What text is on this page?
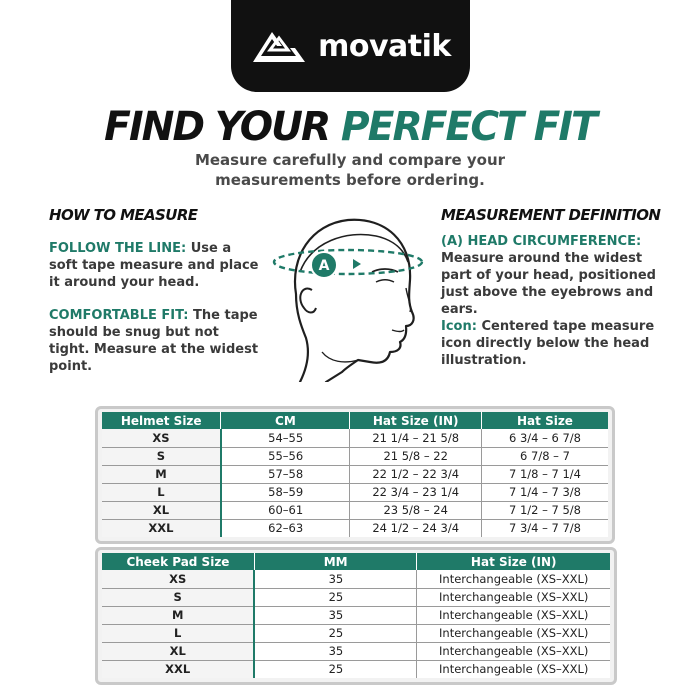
movatik
FIND YOUR PERFECT FIT
Measure carefully and compare your
measurements before ordering.
HOW TO MEASURE

FOLLOW THE LINE: Use a soft tape measure and place it around your head.

COMFORTABLE FIT: The tape should be snug but not tight. Measure at the widest point.

MEASUREMENT DEFINITION

(A) HEAD CIRCUMFERENCE: Measure around the widest part of your head, positioned just above the eyebrows and ears.

Icon: Centered tape measure icon directly below the head illustration.

A
Helmet Size	CM	Hat Size (IN)	Hat Size
XS	54–55	21 1/4 – 21 5/8	6 3/4 – 6 7/8
S	55–56	21 5/8 – 22	6 7/8 – 7
M	57–58	22 1/2 – 22 3/4	7 1/8 – 7 1/4
L	58–59	22 3/4 – 23 1/4	7 1/4 – 7 3/8
XL	60–61	23 5/8 – 24	7 1/2 – 7 5/8
XXL	62–63	24 1/2 – 24 3/4	7 3/4 – 7 7/8
Cheek Pad Size	MM	Hat Size (IN)
XS	35	Interchangeable (XS–XXL)
S	25	Interchangeable (XS–XXL)
M	35	Interchangeable (XS–XXL)
L	25	Interchangeable (XS–XXL)
XL	35	Interchangeable (XS–XXL)
XXL	25	Interchangeable (XS–XXL)
